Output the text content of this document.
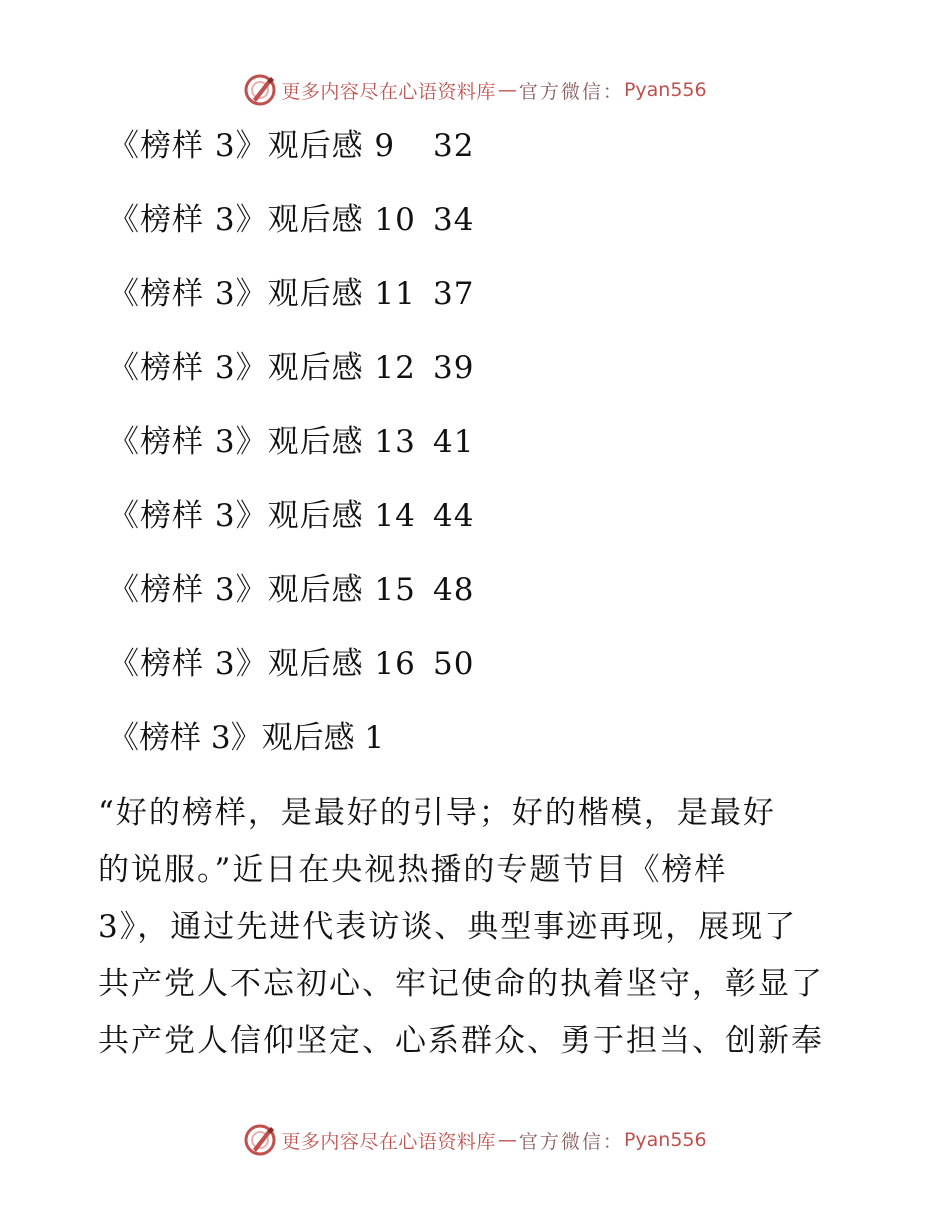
更多内容尽在心语资料库 — 官方微信： Pyan556
《榜样 3》观后感 9	32
《榜样 3》观后感 10 34
《榜样 3》观后感 11 37
《榜样 3》观后感 12 39
《榜样 3》观后感 13 41
《榜样 3》观后感 14 44
《榜样 3》观后感 15 48
《榜样 3》观后感 16 50
《榜样 3》观后感 1
“好的榜样，是最好的引导；好的楷模，是最好
的说服。”近日在央视热播的专题节目《榜样
3》，通过先进代表访谈、典型事迹再现，展现了
共产党人不忘初心、牢记使命的执着坚守，彰显了
共产党人信仰坚定、心系群众、勇于担当、创新奉
更多内容尽在心语资料库 — 官方微信： Pyan556
